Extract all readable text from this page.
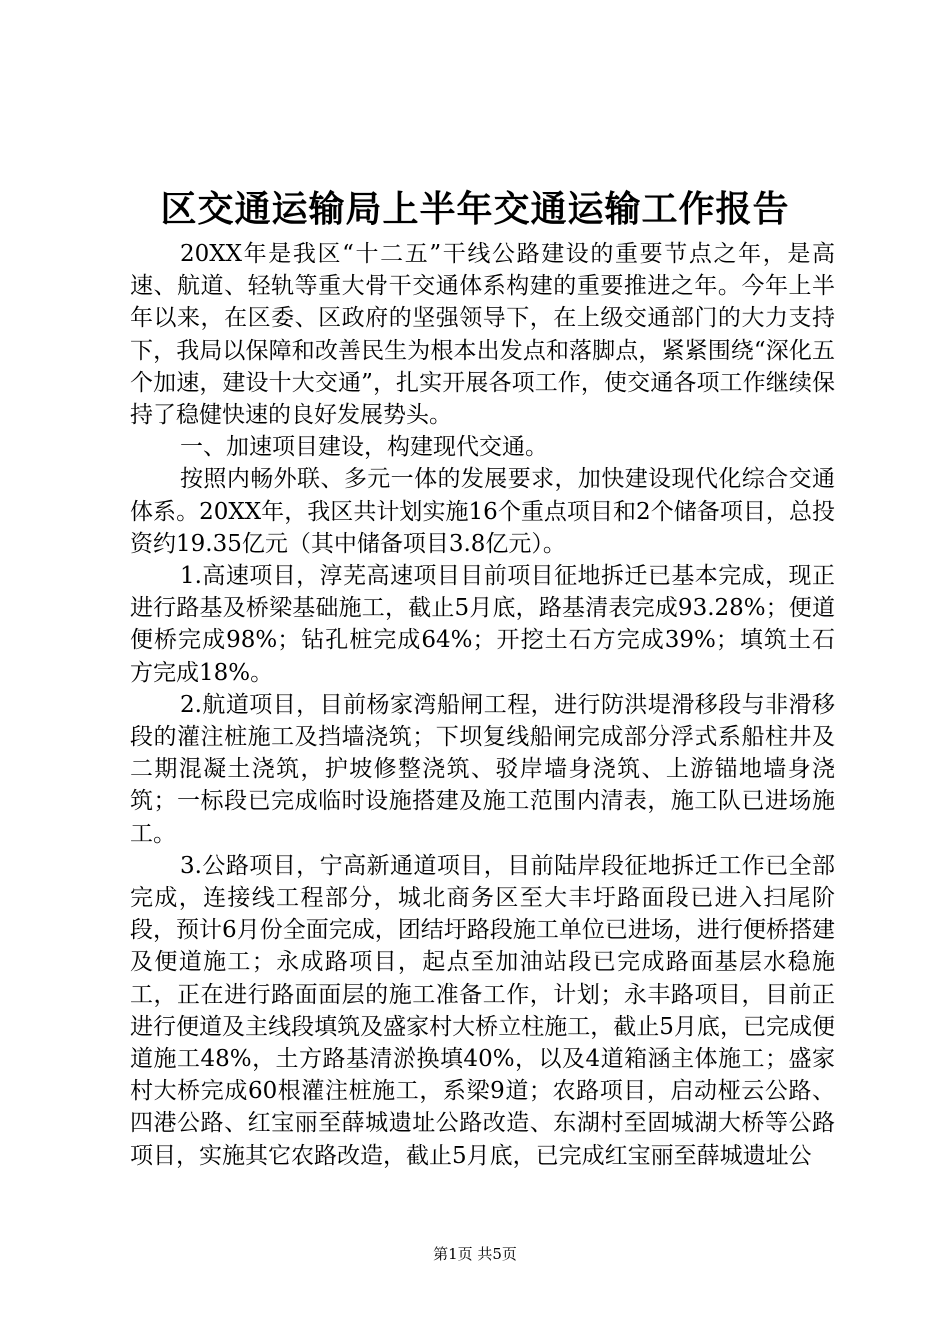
区交通运输局上半年交通运输工作报告

20XX年是我区“十二五”干线公路建设的重要节点之年，是高速、航道、轻轨等重大骨干交通体系构建的重要推进之年。今年上半年以来，在区委、区政府的坚强领导下，在上级交通部门的大力支持下，我局以保障和改善民生为根本出发点和落脚点，紧紧围绕“深化五个加速，建设十大交通”，扎实开展各项工作，使交通各项工作继续保持了稳健快速的良好发展势头。

一、加速项目建设，构建现代交通。

按照内畅外联、多元一体的发展要求，加快建设现代化综合交通体系。20XX年，我区共计划实施16个重点项目和2个储备项目，总投资约19.35亿元（其中储备项目3.8亿元）。

1.高速项目，淳芜高速项目目前项目征地拆迁已基本完成，现正进行路基及桥梁基础施工，截止5月底，路基清表完成93.28%；便道便桥完成98%；钻孔桩完成64%；开挖土石方完成39%；填筑土石方完成18%。

2.航道项目，目前杨家湾船闸工程，进行防洪堤滑移段与非滑移段的灌注桩施工及挡墙浇筑；下坝复线船闸完成部分浮式系船柱井及二期混凝土浇筑，护坡修整浇筑、驳岸墙身浇筑、上游锚地墙身浇筑；一标段已完成临时设施搭建及施工范围内清表，施工队已进场施工。

3.公路项目，宁高新通道项目，目前陆岸段征地拆迁工作已全部完成，连接线工程部分，城北商务区至大丰圩路面段已进入扫尾阶段，预计6月份全面完成，团结圩路段施工单位已进场，进行便桥搭建及便道施工；永成路项目，起点至加油站段已完成路面基层水稳施工，正在进行路面面层的施工准备工作，计划；永丰路项目，目前正进行便道及主线段填筑及盛家村大桥立柱施工，截止5月底，已完成便道施工48%，土方路基清淤换填40%，以及4道箱涵主体施工；盛家村大桥完成60根灌注桩施工，系梁9道；农路项目，启动桠云公路、四港公路、红宝丽至薛城遗址公路改造、东湖村至固城湖大桥等公路项目，实施其它农路改造，截止5月底，已完成红宝丽至薛城遗址公

第1页 共5页
